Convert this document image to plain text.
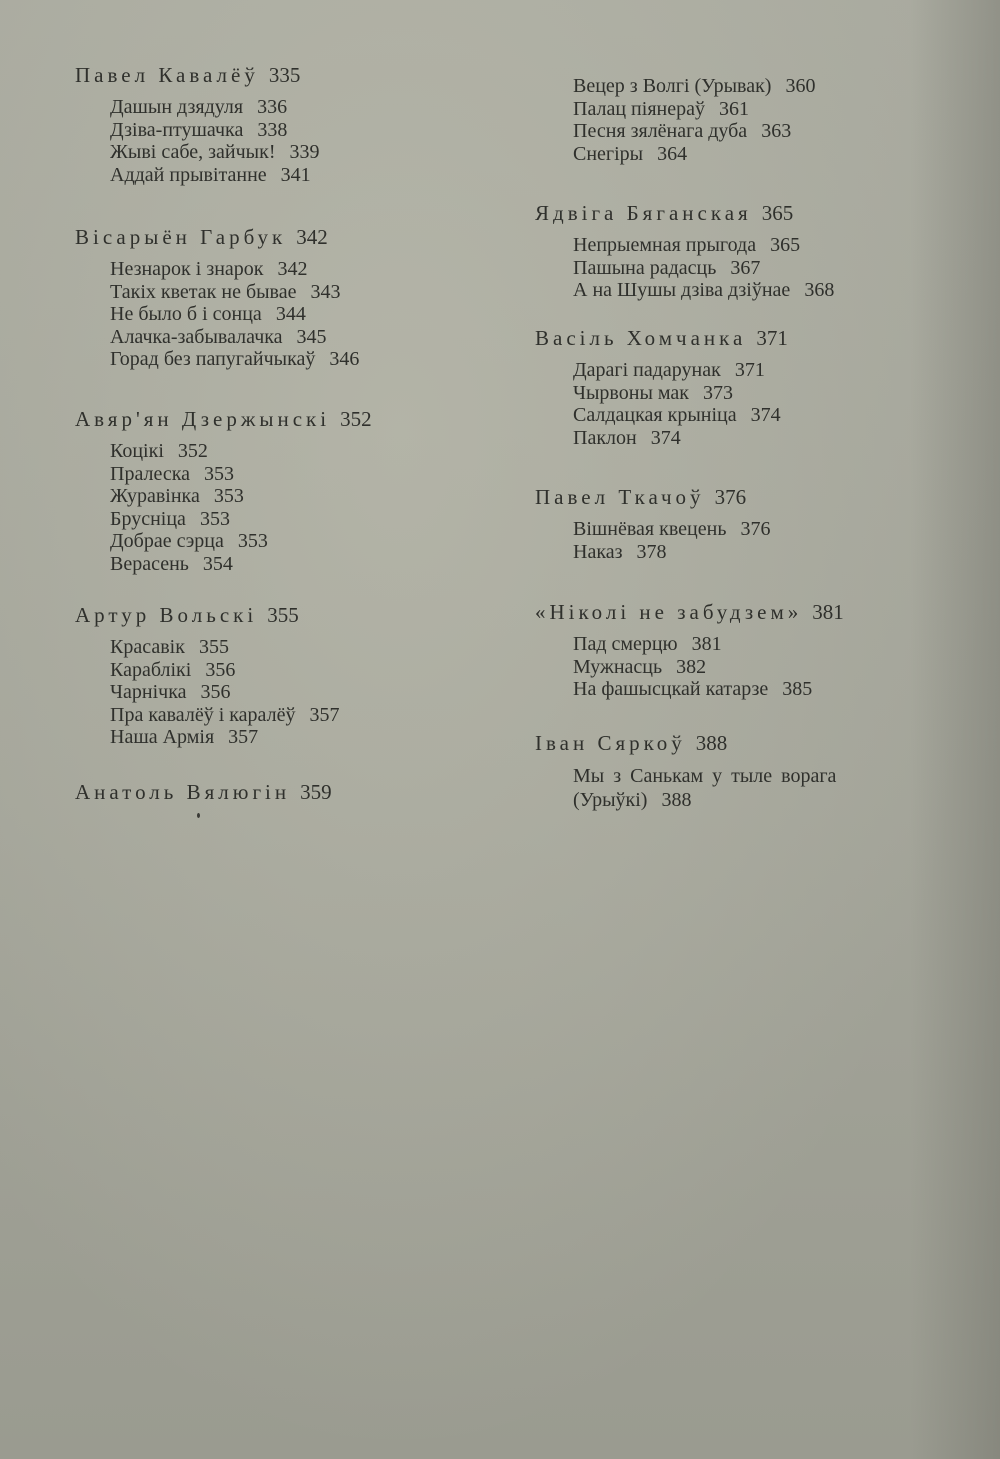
Павел Кавалёў 335
Дашын дзядуля 336
Дзіва-птушачка 338
Жыві сабе, зайчык! 339
Аддай прывітанне 341
Вісарыён Гарбук 342
Незнарок і знарок 342
Такіх кветак не бывае 343
Не было б і сонца 344
Алачка-забывалачка 345
Горад без папугайчыкаў 346
Авяр'ян Дзержынскі 352
Коцікі 352
Пралеска 353
Журавінка 353
Брусніца 353
Добрае сэрца 353
Верасень 354
Артур Вольскі 355
Красавік 355
Караблікі 356
Чарнічка 356
Пра кавалёў і каралёў 357
Наша Армія 357
Анатоль Вялюгін 359
Вецер з Волгі (Урывак) 360
Палац піянераў 361
Песня зялёнага дуба 363
Снегіры 364
Ядвіга Бяганская 365
Непрыемная прыгода 365
Пашына радасць 367
А на Шушы дзіва дзіўнае 368
Васіль Хомчанка 371
Дарагі падарунак 371
Чырвоны мак 373
Салдацкая крыніца 374
Паклон 374
Павел Ткачоў 376
Вішнёвая квецень 376
Наказ 378
«Ніколі не забудзем» 381
Пад смерцю 381
Мужнасць 382
На фашысцкай катарзе 385
Іван Сяркоў 388
Мы з Санькам у тыле ворага (Урыўкі) 388
